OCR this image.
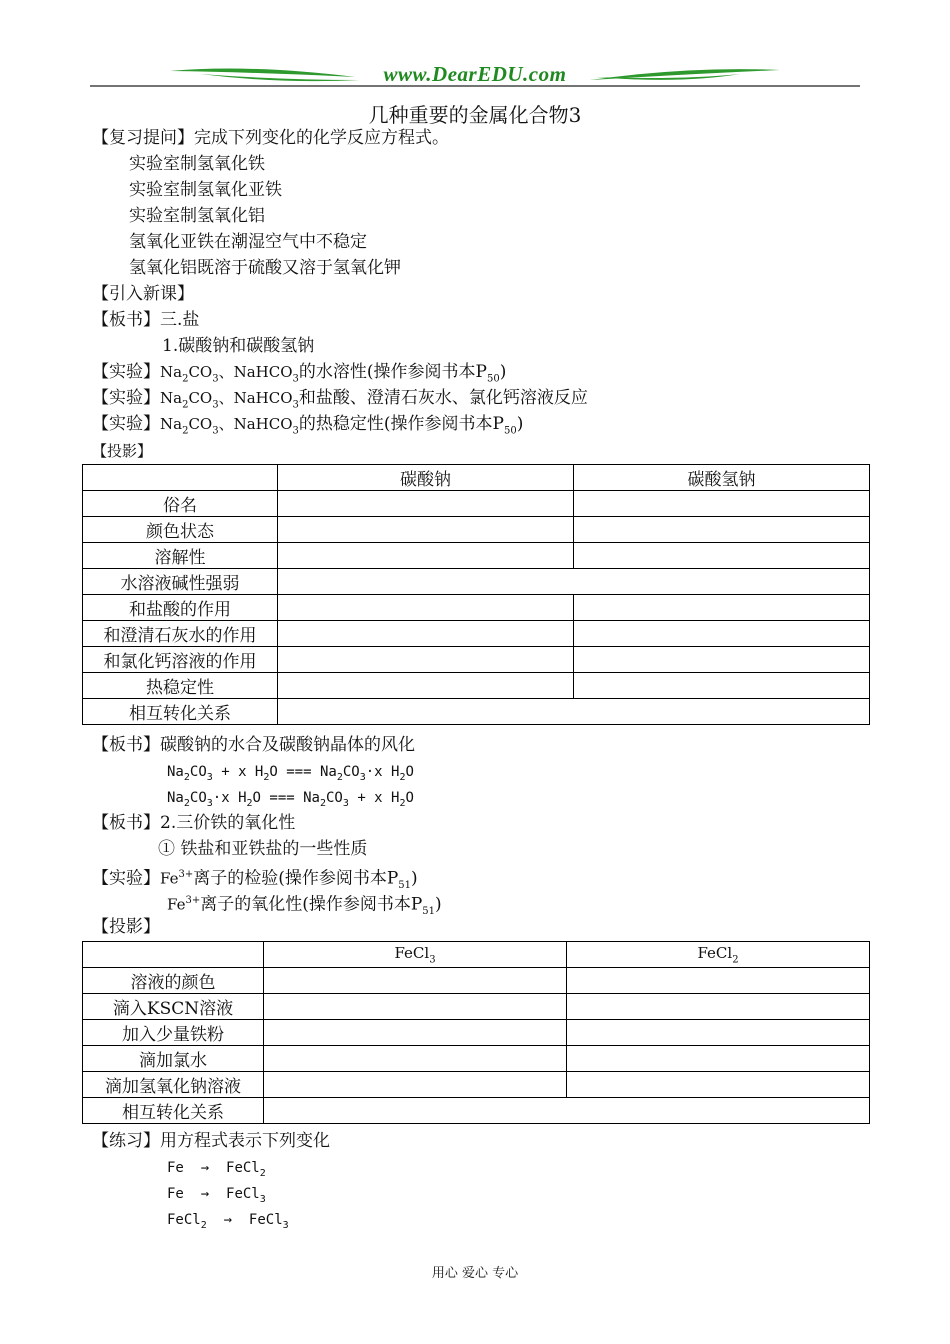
www.DearEDU.com
几种重要的金属化合物3
【复习提问】完成下列变化的化学反应方程式。
实验室制氢氧化铁
实验室制氢氧化亚铁
实验室制氢氧化铝
氢氧化亚铁在潮湿空气中不稳定
氢氧化铝既溶于硫酸又溶于氢氧化钾
【引入新课】
【板书】三.盐
1.碳酸钠和碳酸氢钠
【实验】$Na_2CO_3$、NaHCO$_3$的水溶性(操作参阅书本$P_{50}$)
【实验】$Na_2CO_3$、NaHCO$_3$和盐酸、澄清石灰水、氯化钙溶液反应
【实验】$Na_2CO_3$、NaHCO$_3$的热稳定性(操作参阅书本$P_{50}$)
【投影】
	碳酸钠	碳酸氢钠
俗名		
颜色状态		
溶解性		
水溶液碱性强弱		
和盐酸的作用		
和澄清石灰水的作用		
和氯化钙溶液的作用		
热稳定性		
相互转化关系		
【板书】碳酸钠的水合及碳酸钠晶体的风化
$Na_2CO_3 + x$ $H_2O$ === $Na_2CO_3\cdot x$ $H_2O$
$Na_2CO_3\cdot x$ $H_2O$ === $Na_2CO_3 + x$ $H_2O$
【板书】2.三价铁的氧化性
① 铁盐和亚铁盐的一些性质
【实验】$Fe^{3+}$离子的检验(操作参阅书本$P_{51}$)
$Fe^{3+}$离子的氧化性(操作参阅书本$P_{51}$)
【投影】
	FeCl$_3$	FeCl$_2$
溶液的颜色		
滴入KSCN溶液		
加入少量铁粉		
滴加氯水		
滴加氢氧化钠溶液		
相互转化关系		
【练习】用方程式表示下列变化
Fe → FeCl$_2$
Fe → FeCl$_3$
FeCl$_2$ → FeCl$_3$
用心 爱心 专心
